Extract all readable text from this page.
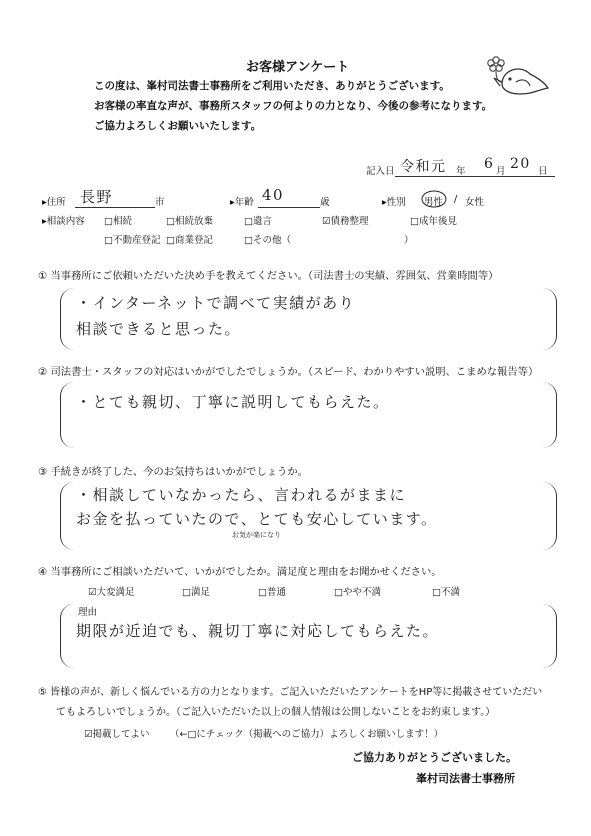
お客様アンケート
この度は、峯村司法書士事務所をご利用いただき、ありがとうございます。
お客様の率直な声が、事務所スタッフの何よりの力となり、今後の参考になります。
ご協力よろしくお願いいたします。
記入日 令和元 年 6 月 20 日
▸住所 長野	市	▸年齢 40	歳	▸性別 男性 / 女性
▸相談内容 □相続	□相続放棄	□遺言	☑債務整理	□成年後見
□不動産登記 □商業登記	□その他（	）
① 当事務所にご依頼いただいた決め手を教えてください。（司法書士の実績、雰囲気、営業時間等）
・インターネットで調べて実績があり
相談できると思った。
② 司法書士・スタッフの対応はいかがでしたでしょうか。（スピード、わかりやすい説明、こまめな報告等）
・とても親切、丁寧に説明してもらえた。
③ 手続きが終了した、今のお気持ちはいかがでしょうか。
・相談していなかったら、言われるがままに
お金を払っていたので、とても安心しています。
お気が楽になり
④ 当事務所にご相談いただいて、いかがでしたか。満足度と理由をお聞かせください。
☑大変満足	□満足	□普通	□やや不満	□不満
理由
期限が近迫でも、親切丁寧に対応してもらえた。
⑤ 皆様の声が、新しく悩んでいる方の力となります。ご記入いただいたアンケートをHP等に掲載させていただい
てもよろしいでしょうか。（ご記入いただいた以上の個人情報は公開しないことをお約束します。）
☑掲載してよい （←□にチェック（掲載へのご協力）よろしくお願いします！）
ご協力ありがとうございました。
峯村司法書士事務所
